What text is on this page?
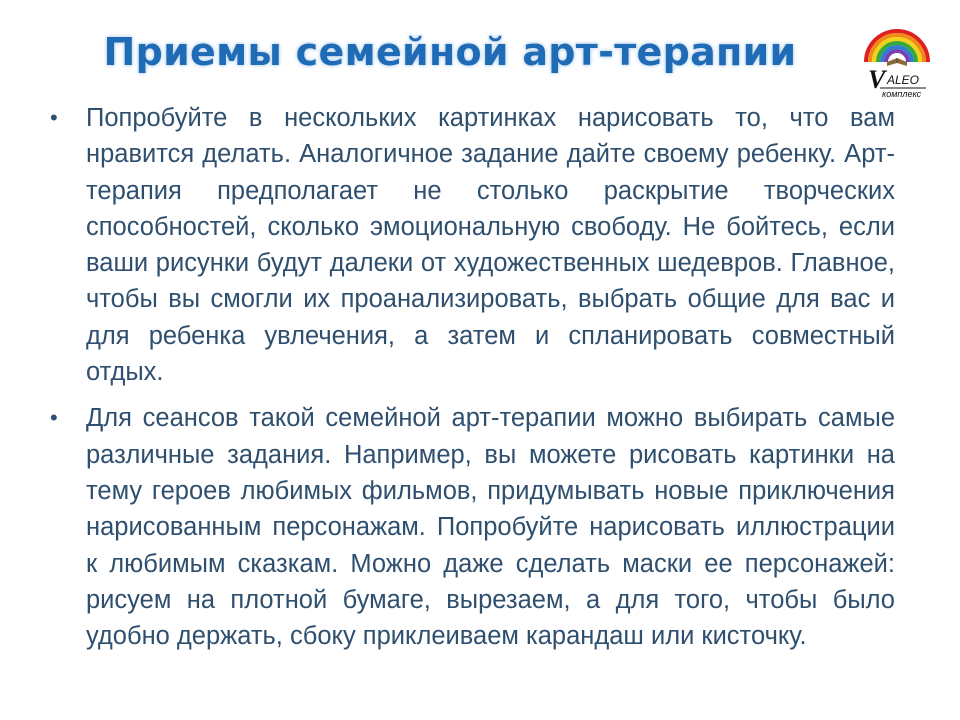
Приемы семейной арт-терапии
V ALEO
комплекс
• Попробуйте в нескольких картинках нарисовать то, что вам нравится делать. Аналогичное задание дайте своему ребенку. Арт-терапия предполагает не столько раскрытие творческих способностей, сколько эмоциональную свободу. Не бойтесь, если ваши рисунки будут далеки от художественных шедевров. Главное, чтобы вы смогли их проанализировать, выбрать общие для вас и для ребенка увлечения, а затем и спланировать совместный отдых.
• Для сеансов такой семейной арт-терапии можно выбирать самые различные задания. Например, вы можете рисовать картинки на тему героев любимых фильмов, придумывать новые приключения нарисованным персонажам. Попробуйте нарисовать иллюстрации к любимым сказкам. Можно даже сделать маски ее персонажей: рисуем на плотной бумаге, вырезаем, а для того, чтобы было удобно держать, сбоку приклеиваем карандаш или кисточку.
